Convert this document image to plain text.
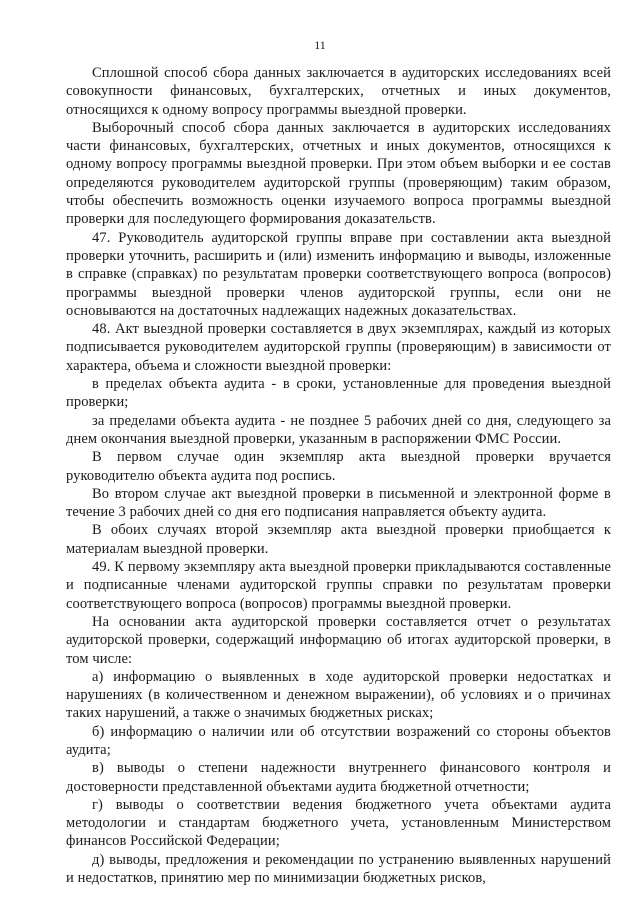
11

Сплошной способ сбора данных заключается в аудиторских исследованиях всей совокупности финансовых, бухгалтерских, отчетных и иных документов, относящихся к одному вопросу программы выездной проверки.

Выборочный способ сбора данных заключается в аудиторских исследованиях части финансовых, бухгалтерских, отчетных и иных документов, относящихся к одному вопросу программы выездной проверки. При этом объем выборки и ее состав определяются руководителем аудиторской группы (проверяющим) таким образом, чтобы обеспечить возможность оценки изучаемого вопроса программы выездной проверки для последующего формирования доказательств.

47. Руководитель аудиторской группы вправе при составлении акта выездной проверки уточнить, расширить и (или) изменить информацию и выводы, изложенные в справке (справках) по результатам проверки соответствующего вопроса (вопросов) программы выездной проверки членов аудиторской группы, если они не основываются на достаточных надлежащих надежных доказательствах.

48. Акт выездной проверки составляется в двух экземплярах, каждый из которых подписывается руководителем аудиторской группы (проверяющим) в зависимости от характера, объема и сложности выездной проверки:

в пределах объекта аудита - в сроки, установленные для проведения выездной проверки;

за пределами объекта аудита - не позднее 5 рабочих дней со дня, следующего за днем окончания выездной проверки, указанным в распоряжении ФМС России.

В первом случае один экземпляр акта выездной проверки вручается руководителю объекта аудита под роспись.

Во втором случае акт выездной проверки в письменной и электронной форме в течение 3 рабочих дней со дня его подписания направляется объекту аудита.

В обоих случаях второй экземпляр акта выездной проверки приобщается к материалам выездной проверки.

49. К первому экземпляру акта выездной проверки прикладываются составленные и подписанные членами аудиторской группы справки по результатам проверки соответствующего вопроса (вопросов) программы выездной проверки.

На основании акта аудиторской проверки составляется отчет о результатах аудиторской проверки, содержащий информацию об итогах аудиторской проверки, в том числе:

а) информацию о выявленных в ходе аудиторской проверки недостатках и нарушениях (в количественном и денежном выражении), об условиях и о причинах таких нарушений, а также о значимых бюджетных рисках;

б) информацию о наличии или об отсутствии возражений со стороны объектов аудита;

в) выводы о степени надежности внутреннего финансового контроля и достоверности представленной объектами аудита бюджетной отчетности;

г) выводы о соответствии ведения бюджетного учета объектами аудита методологии и стандартам бюджетного учета, установленным Министерством финансов Российской Федерации;

д) выводы, предложения и рекомендации по устранению выявленных нарушений и недостатков, принятию мер по минимизации бюджетных рисков,
